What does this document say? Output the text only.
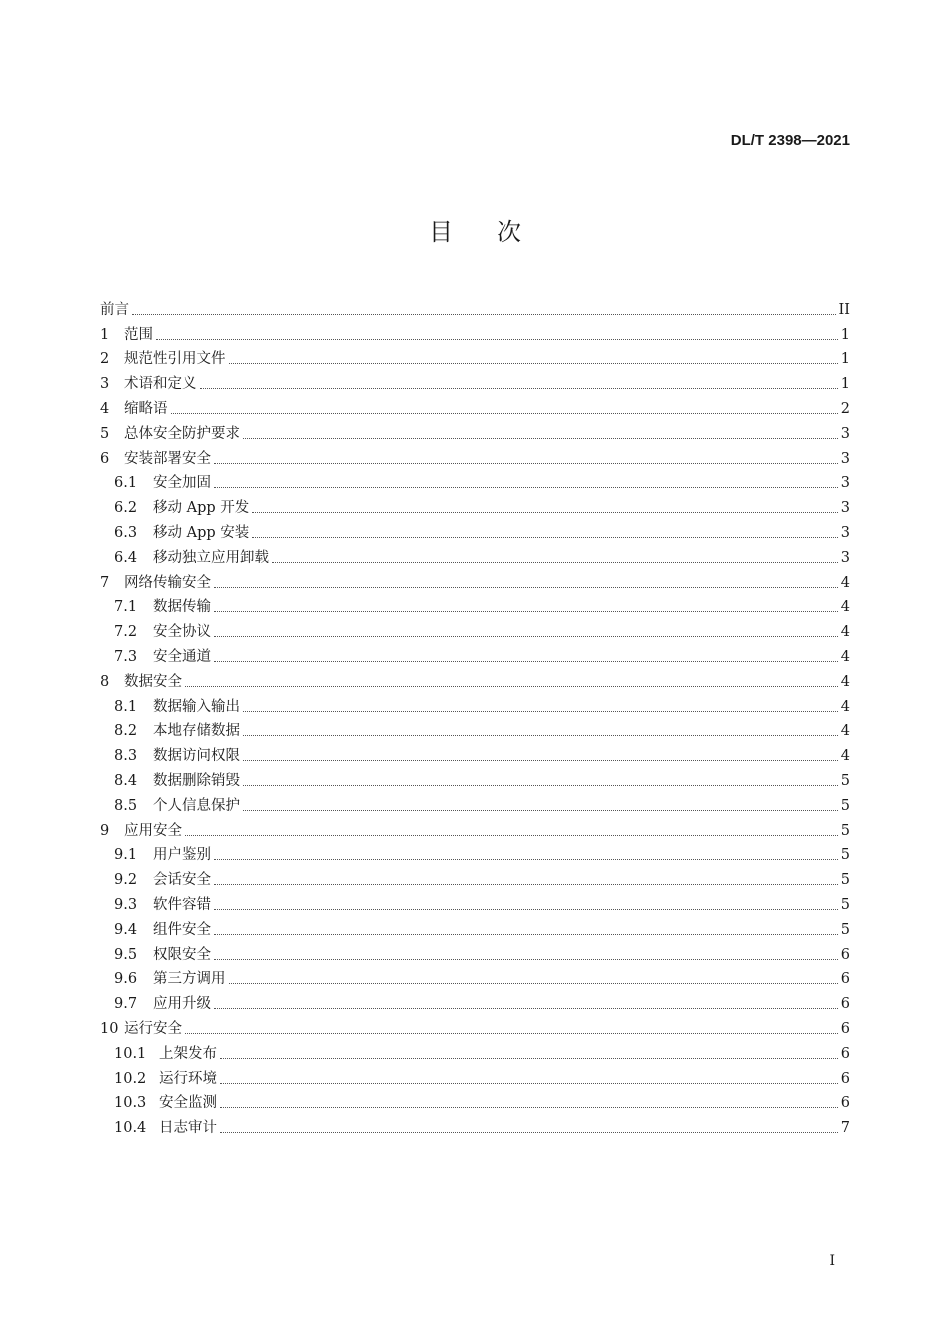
DL/T 2398—2021
目次
前言	II
1	范围	1
2	规范性引用文件	1
3	术语和定义	1
4	缩略语	2
5	总体安全防护要求	3
6	安装部署安全	3
6.1	安全加固	3
6.2	移动 App 开发	3
6.3	移动 App 安装	3
6.4	移动独立应用卸载	3
7	网络传输安全	4
7.1	数据传输	4
7.2	安全协议	4
7.3	安全通道	4
8	数据安全	4
8.1	数据输入输出	4
8.2	本地存储数据	4
8.3	数据访问权限	4
8.4	数据删除销毁	5
8.5	个人信息保护	5
9	应用安全	5
9.1	用户鉴别	5
9.2	会话安全	5
9.3	软件容错	5
9.4	组件安全	5
9.5	权限安全	6
9.6	第三方调用	6
9.7	应用升级	6
10 运行安全	6
10.1 上架发布	6
10.2 运行环境	6
10.3 安全监测	6
10.4 日志审计	7
I
